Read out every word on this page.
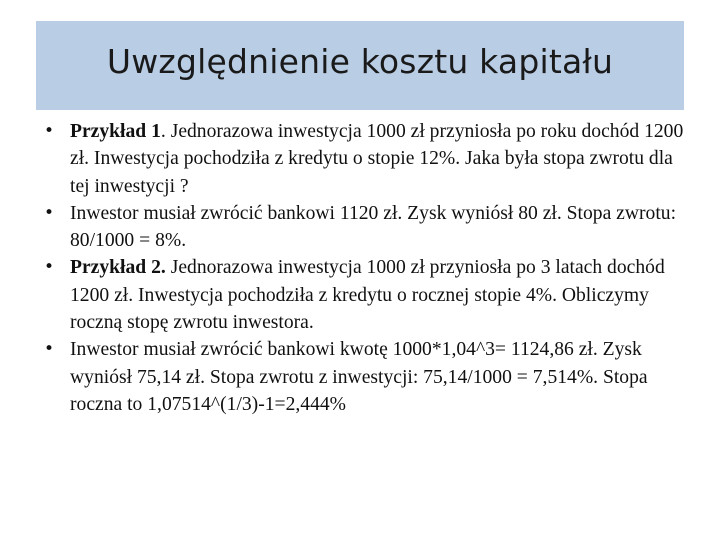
Uwzględnienie kosztu kapitału
• Przykład 1. Jednorazowa inwestycja 1000 zł przyniosła po roku dochód 1200 zł. Inwestycja pochodziła z kredytu o stopie 12%. Jaka była stopa zwrotu dla tej inwestycji ?
• Inwestor musiał zwrócić bankowi 1120 zł. Zysk wyniósł 80 zł. Stopa zwrotu: 80/1000 = 8%.
• Przykład 2. Jednorazowa inwestycja 1000 zł przyniosła po 3 latach dochód 1200 zł. Inwestycja pochodziła z kredytu o rocznej stopie 4%. Obliczymy roczną stopę zwrotu inwestora.
• Inwestor musiał zwrócić bankowi kwotę 1000*1,04^3= 1124,86 zł. Zysk wyniósł 75,14 zł. Stopa zwrotu z inwestycji: 75,14/1000 = 7,514%. Stopa roczna to 1,07514^(1/3)-1=2,444%
